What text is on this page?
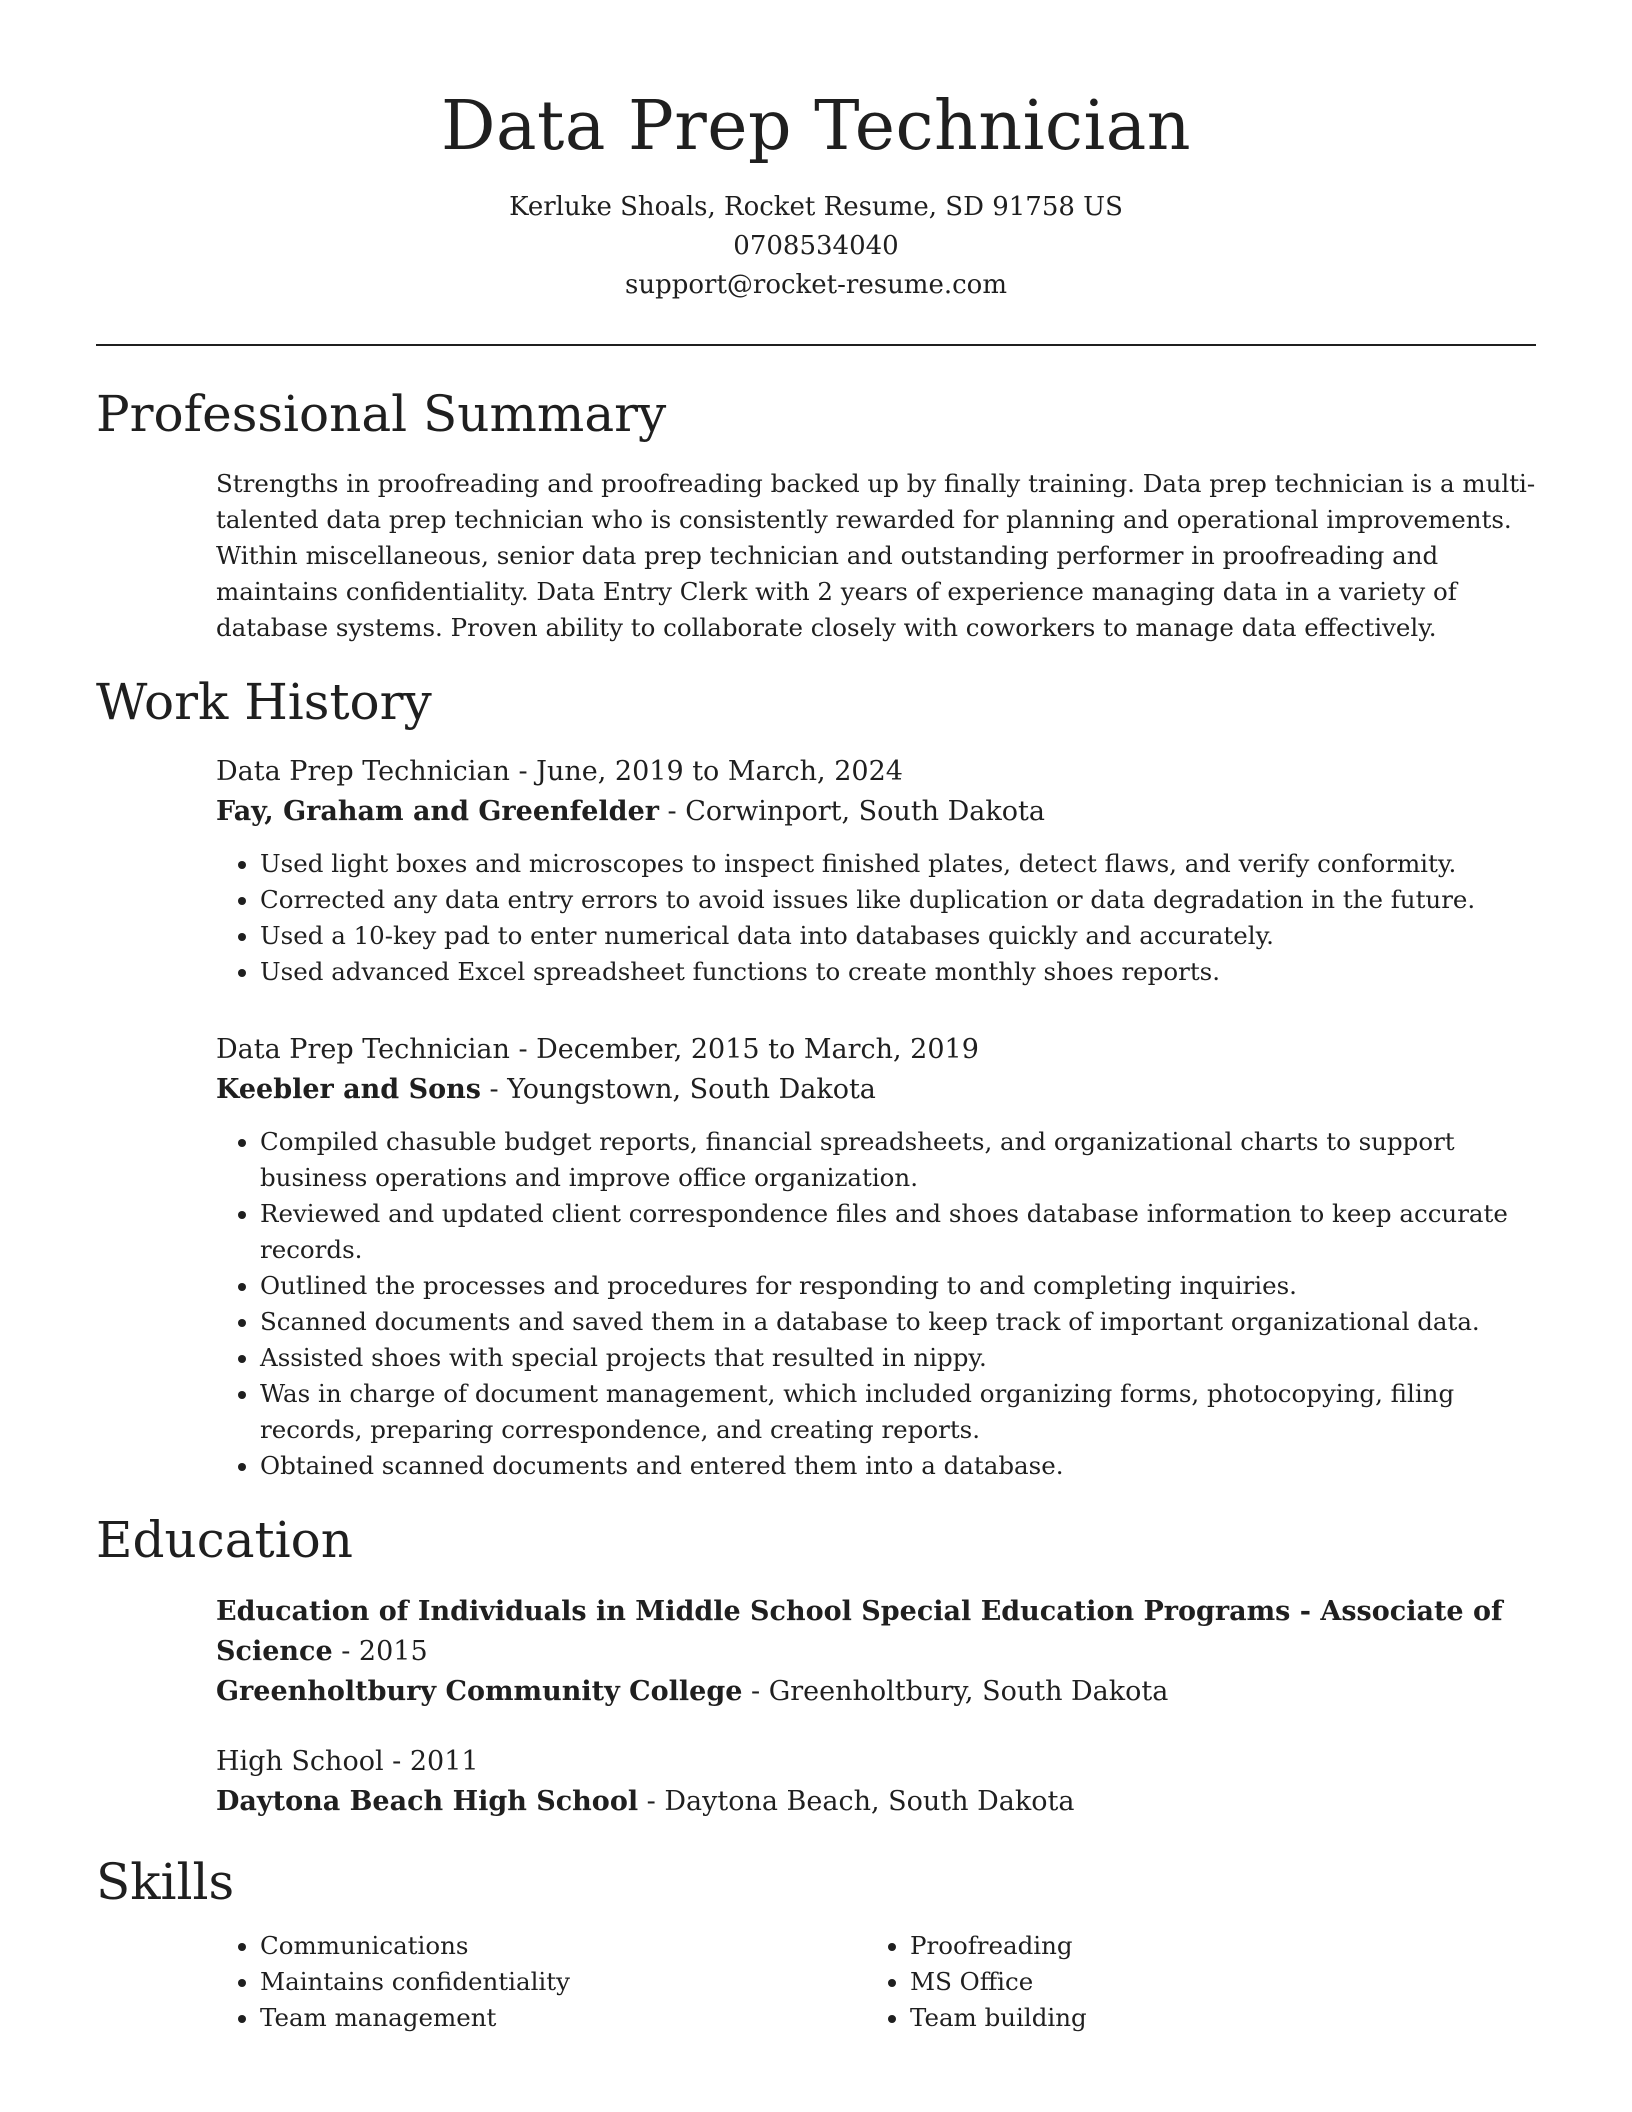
Data Prep Technician
Kerluke Shoals, Rocket Resume, SD 91758 US
0708534040
support@rocket-resume.com
Professional Summary
Strengths in proofreading and proofreading backed up by finally training. Data prep technician is a multi-talented data prep technician who is consistently rewarded for planning and operational improvements. Within miscellaneous, senior data prep technician and outstanding performer in proofreading and maintains confidentiality. Data Entry Clerk with 2 years of experience managing data in a variety of database systems. Proven ability to collaborate closely with coworkers to manage data effectively.
Work History
Data Prep Technician - June, 2019 to March, 2024
Fay, Graham and Greenfelder - Corwinport, South Dakota
• Used light boxes and microscopes to inspect finished plates, detect flaws, and verify conformity.
• Corrected any data entry errors to avoid issues like duplication or data degradation in the future.
• Used a 10-key pad to enter numerical data into databases quickly and accurately.
• Used advanced Excel spreadsheet functions to create monthly shoes reports.
Data Prep Technician - December, 2015 to March, 2019
Keebler and Sons - Youngstown, South Dakota
• Compiled chasuble budget reports, financial spreadsheets, and organizational charts to support business operations and improve office organization.
• Reviewed and updated client correspondence files and shoes database information to keep accurate records.
• Outlined the processes and procedures for responding to and completing inquiries.
• Scanned documents and saved them in a database to keep track of important organizational data.
• Assisted shoes with special projects that resulted in nippy.
• Was in charge of document management, which included organizing forms, photocopying, filing records, preparing correspondence, and creating reports.
• Obtained scanned documents and entered them into a database.
Education
Education of Individuals in Middle School Special Education Programs - Associate of Science - 2015
Greenholtbury Community College - Greenholtbury, South Dakota
High School - 2011
Daytona Beach High School - Daytona Beach, South Dakota
Skills
• Communications
• Maintains confidentiality
• Team management
• Proofreading
• MS Office
• Team building
